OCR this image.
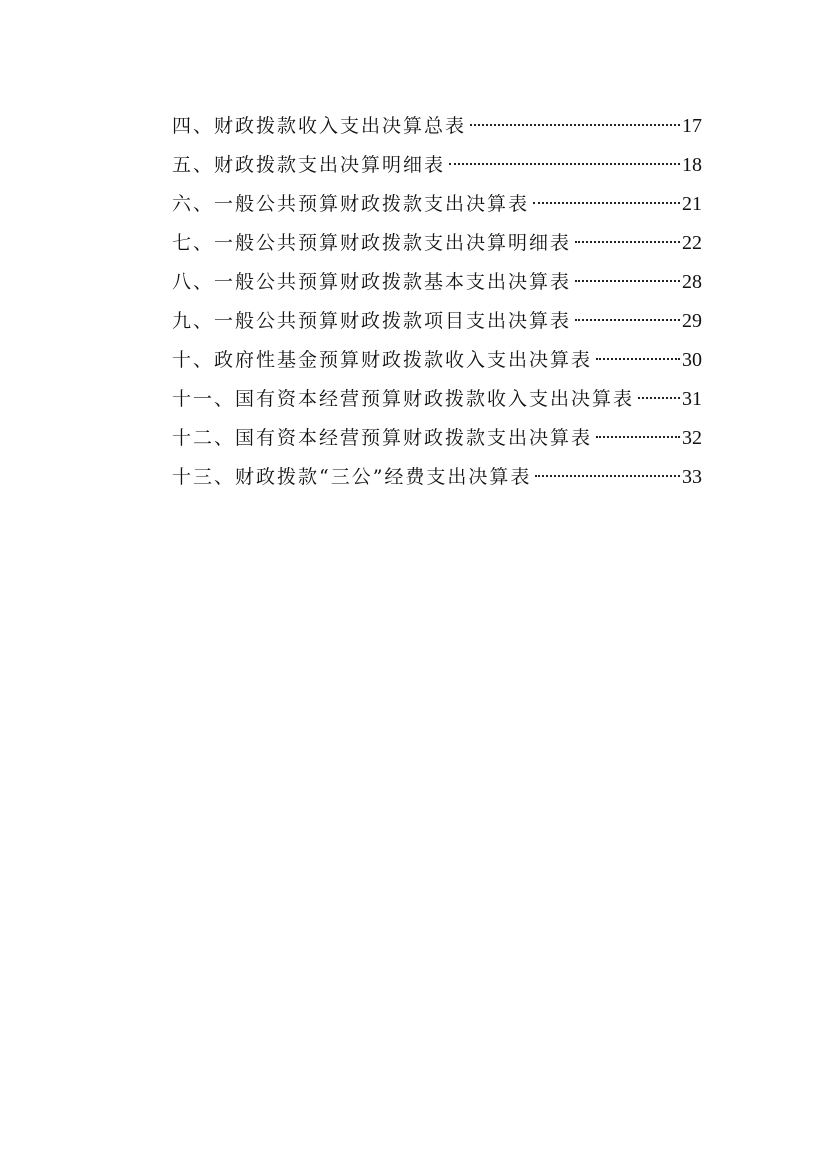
四、财政拨款收入支出决算总表	17
五、财政拨款支出决算明细表	18
六、一般公共预算财政拨款支出决算表	21
七、一般公共预算财政拨款支出决算明细表	22
八、一般公共预算财政拨款基本支出决算表	28
九、一般公共预算财政拨款项目支出决算表	29
十、政府性基金预算财政拨款收入支出决算表	30
十一、国有资本经营预算财政拨款收入支出决算表 31
十二、国有资本经营预算财政拨款支出决算表	32
十三、财政拨款“三公”经费支出决算表	33
